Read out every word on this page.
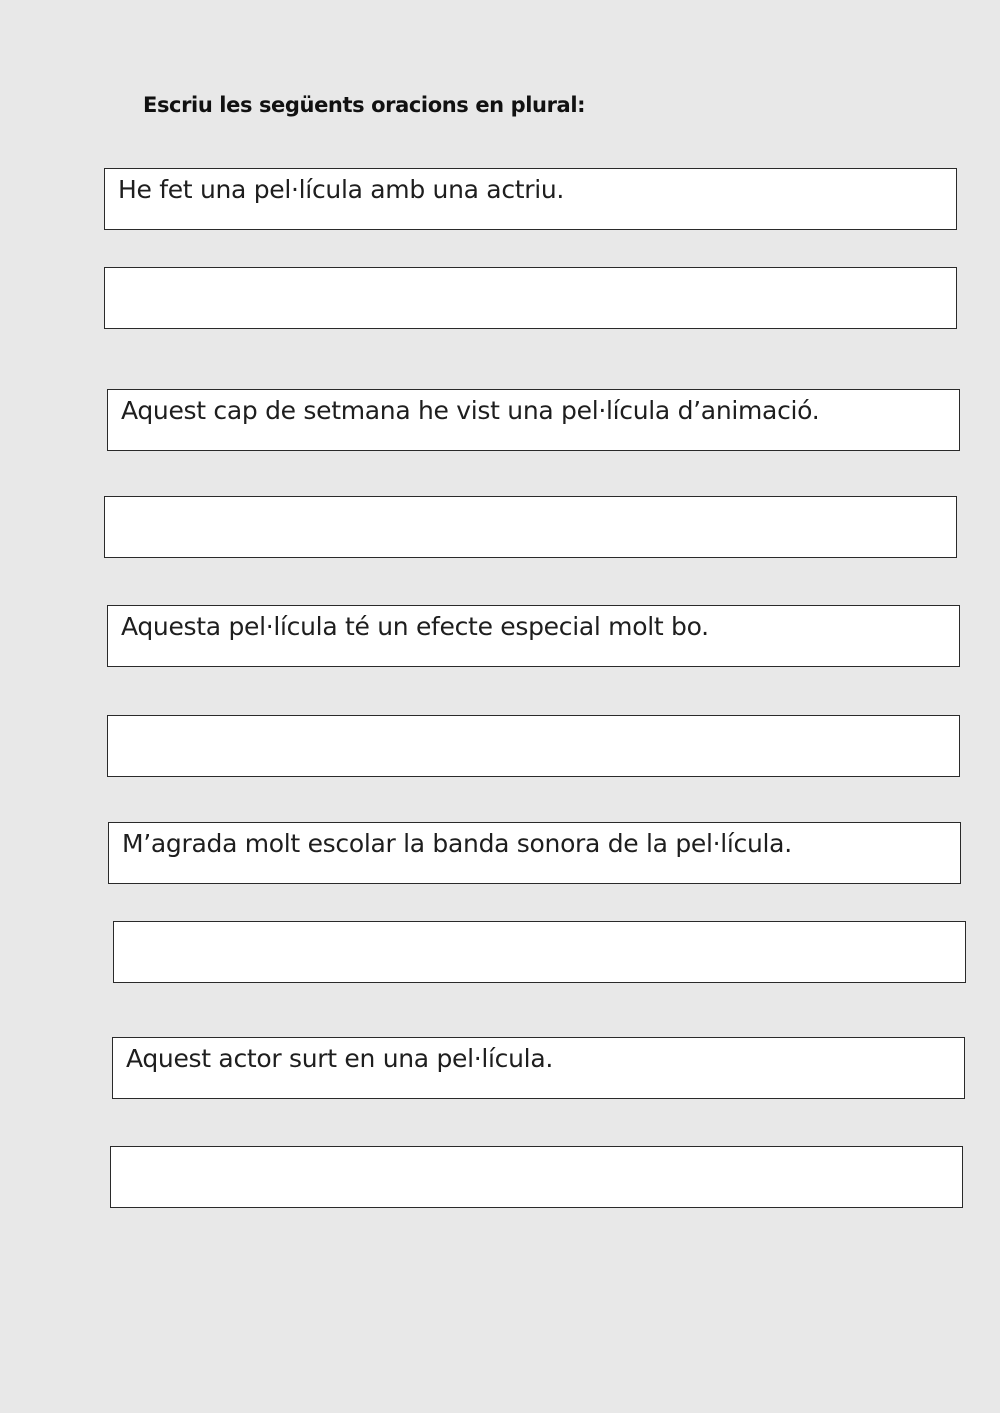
Escriu les següents oracions en plural:
He fet una pel·lícula amb una actriu.
Aquest cap de setmana he vist una pel·lícula d’animació.
Aquesta pel·lícula té un efecte especial molt bo.
M’agrada molt escolar la banda sonora de la pel·lícula.
Aquest actor surt en una pel·lícula.
